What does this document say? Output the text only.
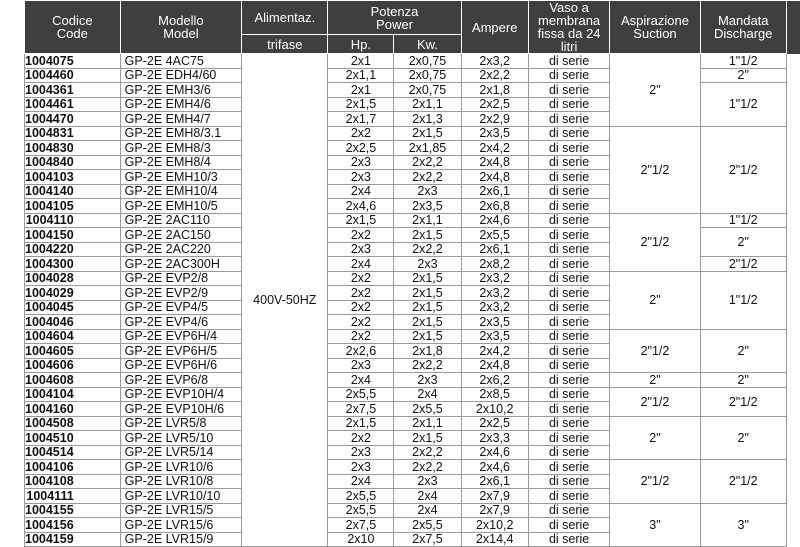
Codice
Code	Modello
Model	Alimentaz.	Potenza
Power		Ampere	Vaso a
membrana
fissa da 24
litri	Aspirazione
Suction	Mandata
Discharge	
		trifase	Hp.	Kw.					
1004075	GP-2E 4AC75	400V-50HZ	2x1	2x0,75	2x3,2	di serie	2"	1"1/2	
1004460	GP-2E EDH4/60		2x1,1	2x0,75	2x2,2	di serie		2"	
1004361	GP-2E EMH3/6		2x1	2x0,75	2x1,8	di serie		1"1/2	
1004461	GP-2E EMH4/6		2x1,5	2x1,1	2x2,5	di serie			
1004470	GP-2E EMH4/7		2x1,7	2x1,3	2x2,9	di serie			
1004831	GP-2E EMH8/3.1		2x2	2x1,5	2x3,5	di serie	2"1/2	2"1/2	
1004830	GP-2E EMH8/3		2x2,5	2x1,85	2x4,2	di serie			
1004840	GP-2E EMH8/4		2x3	2x2,2	2x4,8	di serie			
1004103	GP-2E EMH10/3		2x3	2x2,2	2x4,8	di serie			
1004140	GP-2E EMH10/4		2x4	2x3	2x6,1	di serie			
1004105	GP-2E EMH10/5		2x4,6	2x3,5	2x6,8	di serie			
1004110	GP-2E 2AC110		2x1,5	2x1,1	2x4,6	di serie	2"1/2	1"1/2	
1004150	GP-2E 2AC150		2x2	2x1,5	2x5,5	di serie		2"	
1004220	GP-2E 2AC220		2x3	2x2,2	2x6,1	di serie			
1004300	GP-2E 2AC300H		2x4	2x3	2x8,2	di serie		2"1/2	
1004028	GP-2E EVP2/8		2x2	2x1,5	2x3,2	di serie	2"	1"1/2	
1004029	GP-2E EVP2/9		2x2	2x1,5	2x3,2	di serie			
1004045	GP-2E EVP4/5		2x2	2x1,5	2x3,2	di serie			
1004046	GP-2E EVP4/6		2x2	2x1,5	2x3,5	di serie			
1004604	GP-2E EVP6H/4		2x2	2x1,5	2x3,5	di serie	2"1/2	2"	
1004605	GP-2E EVP6H/5		2x2,6	2x1,8	2x4,2	di serie			
1004606	GP-2E EVP6H/6		2x3	2x2,2	2x4,8	di serie			
1004608	GP-2E EVP6/8		2x4	2x3	2x6,2	di serie	2"	2"	
1004104	GP-2E EVP10H/4		2x5,5	2x4	2x8,5	di serie	2"1/2	2"1/2	
1004160	GP-2E EVP10H/6		2x7,5	2x5,5	2x10,2	di serie			
1004508	GP-2E LVR5/8		2x1,5	2x1,1	2x2,5	di serie	2"	2"	
1004510	GP-2E LVR5/10		2x2	2x1,5	2x3,3	di serie			
1004514	GP-2E LVR5/14		2x3	2x2,2	2x4,6	di serie			
1004106	GP-2E LVR10/6		2x3	2x2,2	2x4,6	di serie	2"1/2	2"1/2	
1004108	GP-2E LVR10/8		2x4	2x3	2x6,1	di serie			
1004111	GP-2E LVR10/10		2x5,5	2x4	2x7,9	di serie			
1004155	GP-2E LVR15/5		2x5,5	2x4	2x7,9	di serie	3"	3"	
1004156	GP-2E LVR15/6		2x7,5	2x5,5	2x10,2	di serie			
1004159	GP-2E LVR15/9		2x10	2x7,5	2x14,4	di serie			
